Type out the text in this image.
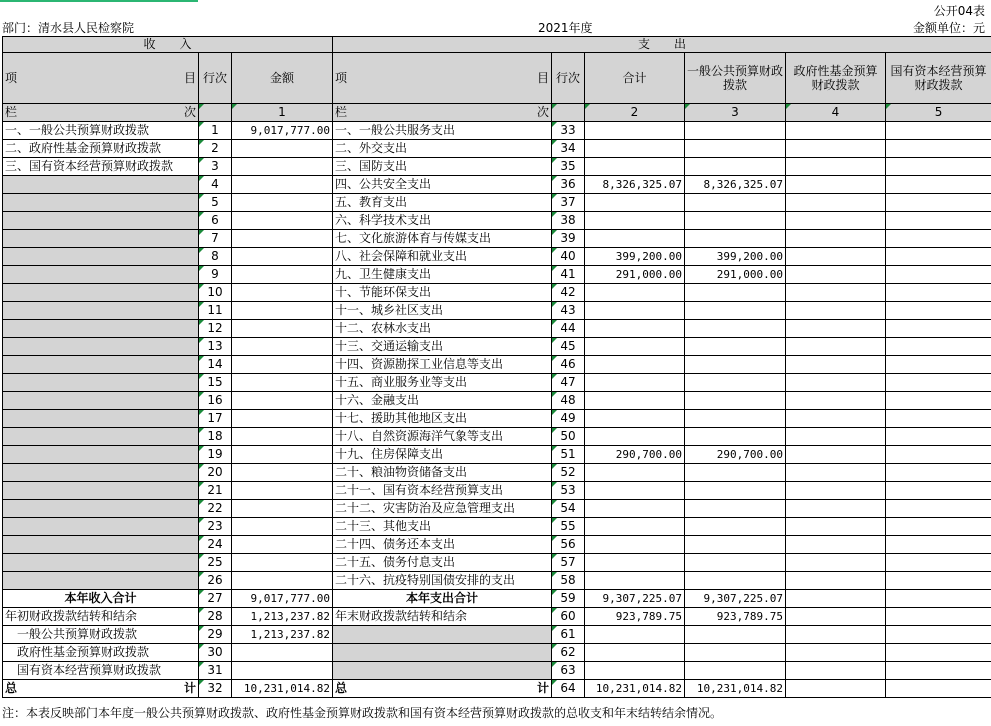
公开04表
部门：清水县人民检察院	2021年度	金额单位：元
收　　入			支　　出					

项 目	行次	金额	项 目	行次	合计	一般公共预算财政拨款	政府性基金预算财政拨款	国有资本经营预算财政拨款

栏 次		1	栏 次		2	3	4	5
一、一般公共预算财政拨款	1	9,017,777.00	一、一般公共服务支出	33				
二、政府性基金预算财政拨款	2		二、外交支出	34				
三、国有资本经营预算财政拨款	3		三、国防支出	35				
	4		四、公共安全支出	36	8,326,325.07	8,326,325.07		
	5		五、教育支出	37				
	6		六、科学技术支出	38				
	7		七、文化旅游体育与传媒支出	39				
	8		八、社会保障和就业支出	40	399,200.00	399,200.00		
	9		九、卫生健康支出	41	291,000.00	291,000.00		
	10		十、节能环保支出	42				
	11		十一、城乡社区支出	43				
	12		十二、农林水支出	44				
	13		十三、交通运输支出	45				
	14		十四、资源勘探工业信息等支出	46				
	15		十五、商业服务业等支出	47				
	16		十六、金融支出	48				
	17		十七、援助其他地区支出	49				
	18		十八、自然资源海洋气象等支出	50				
	19		十九、住房保障支出	51	290,700.00	290,700.00		
	20		二十、粮油物资储备支出	52				
	21		二十一、国有资本经营预算支出	53				
	22		二十二、灾害防治及应急管理支出	54				
	23		二十三、其他支出	55				
	24		二十四、债务还本支出	56				
	25		二十五、债务付息支出	57				
	26		二十六、抗疫特别国债安排的支出	58				
本年收入合计	27	9,017,777.00	本年支出合计	59	9,307,225.07	9,307,225.07		
年初财政拨款结转和结余	28	1,213,237.82	年末财政拨款结转和结余	60	923,789.75	923,789.75		
一般公共预算财政拨款	29	1,213,237.82		61				
政府性基金预算财政拨款	30			62				
国有资本经营预算财政拨款	31			63				

总 计	32	10,231,014.82	总 计	64	10,231,014.82	10,231,014.82		
注：本表反映部门本年度一般公共预算财政拨款、政府性基金预算财政拨款和国有资本经营预算财政拨款的总收支和年末结转结余情况。
